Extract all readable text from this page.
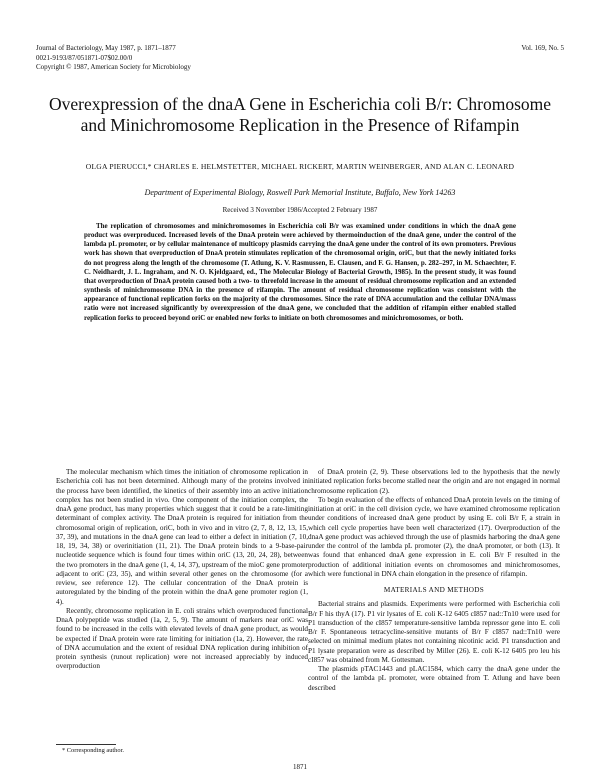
Journal of Bacteriology, May 1987, p. 1871–1877
0021-9193/87/051871-07$02.00/0
Copyright © 1987, American Society for Microbiology
Vol. 169, No. 5
Overexpression of the dnaA Gene in Escherichia coli B/r: Chromosome and Minichromosome Replication in the Presence of Rifampin
OLGA PIERUCCI,* CHARLES E. HELMSTETTER, MICHAEL RICKERT, MARTIN WEINBERGER, AND ALAN C. LEONARD
Department of Experimental Biology, Roswell Park Memorial Institute, Buffalo, New York 14263
Received 3 November 1986/Accepted 2 February 1987
The replication of chromosomes and minichromosomes in Escherichia coli B/r was examined under conditions in which the dnaA gene product was overproduced. Increased levels of the DnaA protein were achieved by thermoinduction of the dnaA gene, under the control of the lambda pL promoter, or by cellular maintenance of multicopy plasmids carrying the dnaA gene under the control of its own promoters. Previous work has shown that overproduction of DnaA protein stimulates replication of the chromosomal origin, oriC, but that the newly initiated forks do not progress along the length of the chromosome (T. Atlung, K. V. Rasmussen, E. Clausen, and F. G. Hansen, p. 282–297, in M. Schaechter, F. C. Neidhardt, J. L. Ingraham, and N. O. Kjeldgaard, ed., The Molecular Biology of Bacterial Growth, 1985). In the present study, it was found that overproduction of DnaA protein caused both a two- to threefold increase in the amount of residual chromosome replication and an extended synthesis of minichromosome DNA in the presence of rifampin. The amount of residual chromosome replication was consistent with the appearance of functional replication forks on the majority of the chromosomes. Since the rate of DNA accumulation and the cellular DNA/mass ratio were not increased significantly by overexpression of the dnaA gene, we concluded that the addition of rifampin either enabled stalled replication forks to proceed beyond oriC or enabled new forks to initiate on both chromosomes and minichromosomes, or both.

The molecular mechanism which times the initiation of chromosome replication in Escherichia coli has not been determined. Although many of the proteins involved in the process have been identified, the kinetics of their assembly into an active initiation complex has not been studied in vivo. One component of the initiation complex, the dnaA gene product, has many properties which suggest that it could be a rate-limiting determinant of complex activity. The DnaA protein is required for initiation from the chromosomal origin of replication, oriC, both in vivo and in vitro (2, 7, 8, 12, 13, 15, 37, 39), and mutations in the dnaA gene can lead to either a defect in initiation (7, 10, 18, 19, 34, 38) or overinitiation (11, 21). The DnaA protein binds to a 9-base-pair nucleotide sequence which is found four times within oriC (13, 20, 24, 28), between the two promoters in the dnaA gene (1, 4, 14, 37), upstream of the mioC gene promoter adjacent to oriC (23, 35), and within several other genes on the chromosome (for a review, see reference 12). The cellular concentration of the DnaA protein is autoregulated by the binding of the protein within the dnaA gene promoter region (1, 4).

Recently, chromosome replication in E. coli strains which overproduced functional DnaA polypeptide was studied (1a, 2, 5, 9). The amount of markers near oriC was found to be increased in the cells with elevated levels of dnaA gene product, as would be expected if DnaA protein were rate limiting for initiation (1a, 2). However, the rate of DNA accumulation and the extent of residual DNA replication during inhibition of protein synthesis (runout replication) were not increased appreciably by induced overproduction

of DnaA protein (2, 9). These observations led to the hypothesis that the newly initiated replication forks become stalled near the origin and are not engaged in normal chromosome replication (2).

To begin evaluation of the effects of enhanced DnaA protein levels on the timing of initiation at oriC in the cell division cycle, we have examined chromosome replication under conditions of increased dnaA gene product by using E. coli B/r F, a strain in which cell cycle properties have been well characterized (17). Overproduction of the dnaA gene product was achieved through the use of plasmids harboring the dnaA gene under the control of the lambda pL promoter (2), the dnaA promoter, or both (13). It was found that enhanced dnaA gene expression in E. coli B/r F resulted in the production of additional initiation events on chromosomes and minichromosomes, which were functional in DNA chain elongation in the presence of rifampin.

MATERIALS AND METHODS

Bacterial strains and plasmids. Experiments were performed with Escherichia coli B/r F his thyA (17). P1 vir lysates of E. coli K-12 6405 cI857 nad::Tn10 were used for P1 transduction of the cI857 temperature-sensitive lambda repressor gene into E. coli B/r F. Spontaneous tetracycline-sensitive mutants of B/r F cI857 nad::Tn10 were selected on minimal medium plates not containing nicotinic acid. P1 transduction and P1 lysate preparation were as described by Miller (26). E. coli K-12 6405 pro leu his cI857 was obtained from M. Gottesman.

The plasmids pTAC1443 and pLAC1584, which carry the dnaA gene under the control of the lambda pL promoter, were obtained from T. Atlung and have been described

* Corresponding author.
1871
